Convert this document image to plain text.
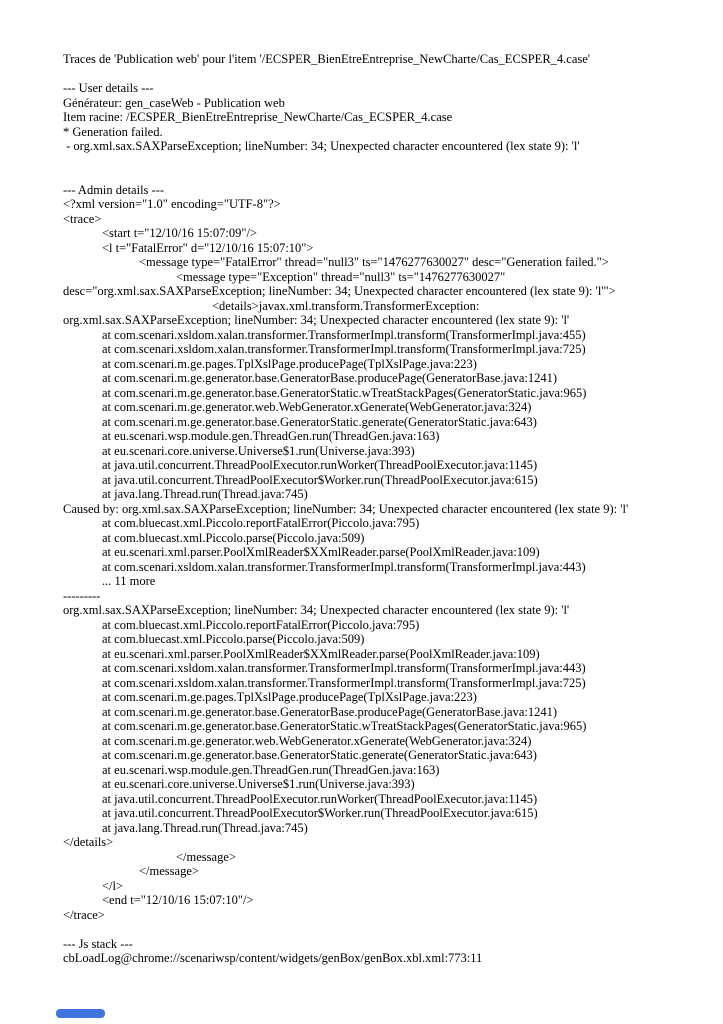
Traces de 'Publication web' pour l'item '/ECSPER_BienEtreEntreprise_NewCharte/Cas_ECSPER_4.case'
--- User details ---
Générateur: gen_caseWeb - Publication web
Item racine: /ECSPER_BienEtreEntreprise_NewCharte/Cas_ECSPER_4.case
* Generation failed.
- org.xml.sax.SAXParseException; lineNumber: 34; Unexpected character encountered (lex state 9): 'l'
--- Admin details ---
<?xml version="1.0" encoding="UTF-8"?>
<trace>
<start t="12/10/16 15:07:09"/>
<l t="FatalError" d="12/10/16 15:07:10">
<message type="FatalError" thread="null3" ts="1476277630027" desc="Generation failed.">
<message type="Exception" thread="null3" ts="1476277630027"
desc="org.xml.sax.SAXParseException; lineNumber: 34; Unexpected character encountered (lex state 9): 'l'">
<details>javax.xml.transform.TransformerException:
org.xml.sax.SAXParseException; lineNumber: 34; Unexpected character encountered (lex state 9): 'l'
at com.scenari.xsldom.xalan.transformer.TransformerImpl.transform(TransformerImpl.java:455)
at com.scenari.xsldom.xalan.transformer.TransformerImpl.transform(TransformerImpl.java:725)
at com.scenari.m.ge.pages.TplXslPage.producePage(TplXslPage.java:223)
at com.scenari.m.ge.generator.base.GeneratorBase.producePage(GeneratorBase.java:1241)
at com.scenari.m.ge.generator.base.GeneratorStatic.wTreatStackPages(GeneratorStatic.java:965)
at com.scenari.m.ge.generator.web.WebGenerator.xGenerate(WebGenerator.java:324)
at com.scenari.m.ge.generator.base.GeneratorStatic.generate(GeneratorStatic.java:643)
at eu.scenari.wsp.module.gen.ThreadGen.run(ThreadGen.java:163)
at eu.scenari.core.universe.Universe$1.run(Universe.java:393)
at java.util.concurrent.ThreadPoolExecutor.runWorker(ThreadPoolExecutor.java:1145)
at java.util.concurrent.ThreadPoolExecutor$Worker.run(ThreadPoolExecutor.java:615)
at java.lang.Thread.run(Thread.java:745)
Caused by: org.xml.sax.SAXParseException; lineNumber: 34; Unexpected character encountered (lex state 9): 'l'
at com.bluecast.xml.Piccolo.reportFatalError(Piccolo.java:795)
at com.bluecast.xml.Piccolo.parse(Piccolo.java:509)
at eu.scenari.xml.parser.PoolXmlReader$XXmlReader.parse(PoolXmlReader.java:109)
at com.scenari.xsldom.xalan.transformer.TransformerImpl.transform(TransformerImpl.java:443)
... 11 more
---------
org.xml.sax.SAXParseException; lineNumber: 34; Unexpected character encountered (lex state 9): 'l'
at com.bluecast.xml.Piccolo.reportFatalError(Piccolo.java:795)
at com.bluecast.xml.Piccolo.parse(Piccolo.java:509)
at eu.scenari.xml.parser.PoolXmlReader$XXmlReader.parse(PoolXmlReader.java:109)
at com.scenari.xsldom.xalan.transformer.TransformerImpl.transform(TransformerImpl.java:443)
at com.scenari.xsldom.xalan.transformer.TransformerImpl.transform(TransformerImpl.java:725)
at com.scenari.m.ge.pages.TplXslPage.producePage(TplXslPage.java:223)
at com.scenari.m.ge.generator.base.GeneratorBase.producePage(GeneratorBase.java:1241)
at com.scenari.m.ge.generator.base.GeneratorStatic.wTreatStackPages(GeneratorStatic.java:965)
at com.scenari.m.ge.generator.web.WebGenerator.xGenerate(WebGenerator.java:324)
at com.scenari.m.ge.generator.base.GeneratorStatic.generate(GeneratorStatic.java:643)
at eu.scenari.wsp.module.gen.ThreadGen.run(ThreadGen.java:163)
at eu.scenari.core.universe.Universe$1.run(Universe.java:393)
at java.util.concurrent.ThreadPoolExecutor.runWorker(ThreadPoolExecutor.java:1145)
at java.util.concurrent.ThreadPoolExecutor$Worker.run(ThreadPoolExecutor.java:615)
at java.lang.Thread.run(Thread.java:745)
</details>
</message>
</message>
</l>
<end t="12/10/16 15:07:10"/>
</trace>
--- Js stack ---
cbLoadLog@chrome://scenariwsp/content/widgets/genBox/genBox.xbl.xml:773:11
